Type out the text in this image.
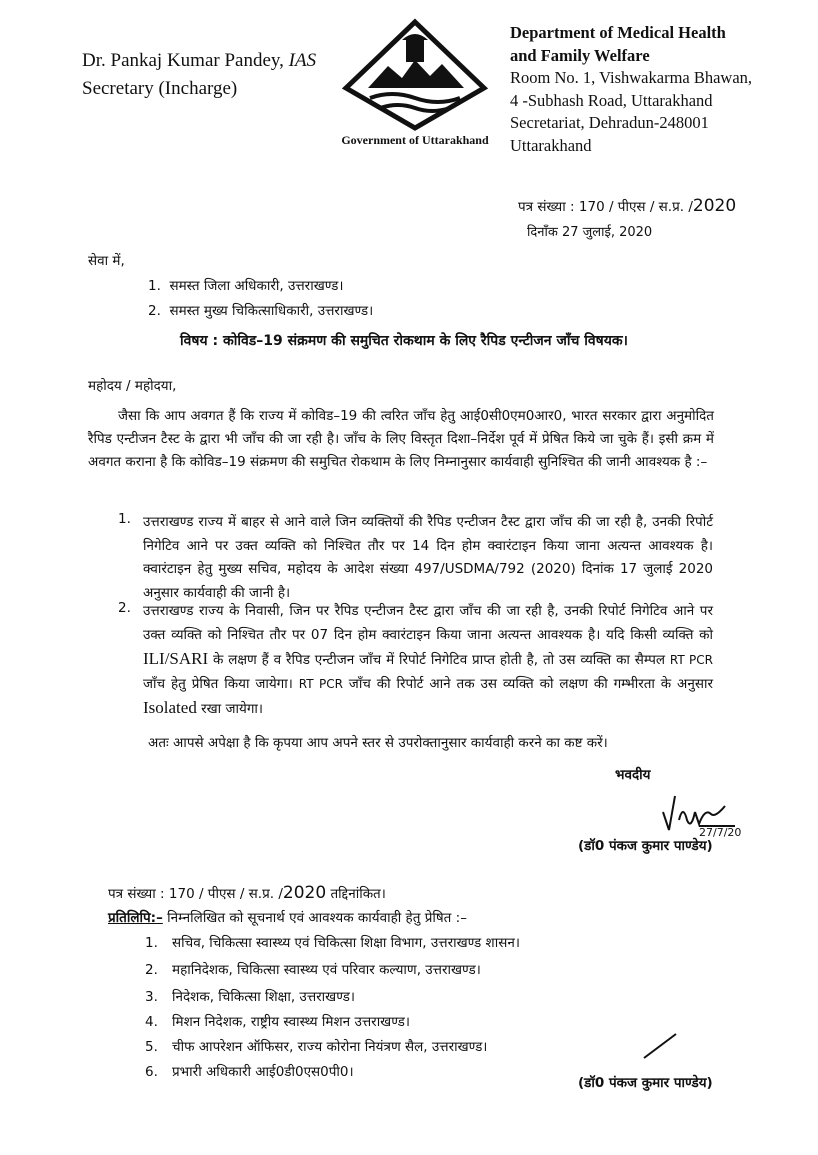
Dr. Pankaj Kumar Pandey, IAS
Secretary (Incharge)
Government of Uttarakhand
Department of Medical Health and Family Welfare
Room No. 1, Vishwakarma Bhawan,
4 -Subhash Road, Uttarakhand
Secretariat, Dehradun-248001
Uttarakhand
पत्र संख्या : 170 / पीएस / स.प्र. /2020
दिनाँक 27 जुलाई, 2020
सेवा में,
1. समस्त जिला अधिकारी, उत्तराखण्ड।
2. समस्त मुख्य चिकित्साधिकारी, उत्तराखण्ड।
विषय : कोविड–19 संक्रमण की समुचित रोकथाम के लिए रैपिड एन्टीजन जाँच विषयक।
महोदय / महोदया,
जैसा कि आप अवगत हैं कि राज्य में कोविड–19 की त्वरित जाँच हेतु आई0सी0एम0आर0, भारत सरकार द्वारा अनुमोदित रैपिड एन्टीजन टैस्ट के द्वारा भी जाँच की जा रही है। जाँच के लिए विस्तृत दिशा–निर्देश पूर्व में प्रेषित किये जा चुके हैं। इसी क्रम में अवगत कराना है कि कोविड–19 संक्रमण की समुचित रोकथाम के लिए निम्नानुसार कार्यवाही सुनिश्चित की जानी आवश्यक है :–
1. उत्तराखण्ड राज्य में बाहर से आने वाले जिन व्यक्तियों की रैपिड एन्टीजन टैस्ट द्वारा जाँच की जा रही है, उनकी रिपोर्ट निगेटिव आने पर उक्त व्यक्ति को निश्चित तौर पर 14 दिन होम क्वारंटाइन किया जाना अत्यन्त आवश्यक है। क्वारंटाइन हेतु मुख्य सचिव, महोदय के आदेश संख्या 497/USDMA/792 (2020) दिनांक 17 जुलाई 2020 अनुसार कार्यवाही की जानी है।
2. उत्तराखण्ड राज्य के निवासी, जिन पर रैपिड एन्टीजन टैस्ट द्वारा जाँच की जा रही है, उनकी रिपोर्ट निगेटिव आने पर उक्त व्यक्ति को निश्चित तौर पर 07 दिन होम क्वारंटाइन किया जाना अत्यन्त आवश्यक है। यदि किसी व्यक्ति को ILI/SARI के लक्षण हैं व रैपिड एन्टीजन जाँच में रिपोर्ट निगेटिव प्राप्त होती है, तो उस व्यक्ति का सैम्पल RT PCR जाँच हेतु प्रेषित किया जायेगा। RT PCR जाँच की रिपोर्ट आने तक उस व्यक्ति को लक्षण की गम्भीरता के अनुसार Isolated रखा जायेगा।
अतः आपसे अपेक्षा है कि कृपया आप अपने स्तर से उपरोक्तानुसार कार्यवाही करने का कष्ट करें।
भवदीय
27/7/20
(डॉ0 पंकज कुमार पाण्डेय)
पत्र संख्या : 170 / पीएस / स.प्र. /2020 तद्दिनांकित।
प्रतिलिपि:– निम्नलिखित को सूचनार्थ एवं आवश्यक कार्यवाही हेतु प्रेषित :–
1. सचिव, चिकित्सा स्वास्थ्य एवं चिकित्सा शिक्षा विभाग, उत्तराखण्ड शासन।
2. महानिदेशक, चिकित्सा स्वास्थ्य एवं परिवार कल्याण, उत्तराखण्ड।
3. निदेशक, चिकित्सा शिक्षा, उत्तराखण्ड।
4. मिशन निदेशक, राष्ट्रीय स्वास्थ्य मिशन उत्तराखण्ड।
5. चीफ आपरेशन ऑफिसर, राज्य कोरोना नियंत्रण सैल, उत्तराखण्ड।
6. प्रभारी अधिकारी आई0डी0एस0पी0।
(डॉ0 पंकज कुमार पाण्डेय)
